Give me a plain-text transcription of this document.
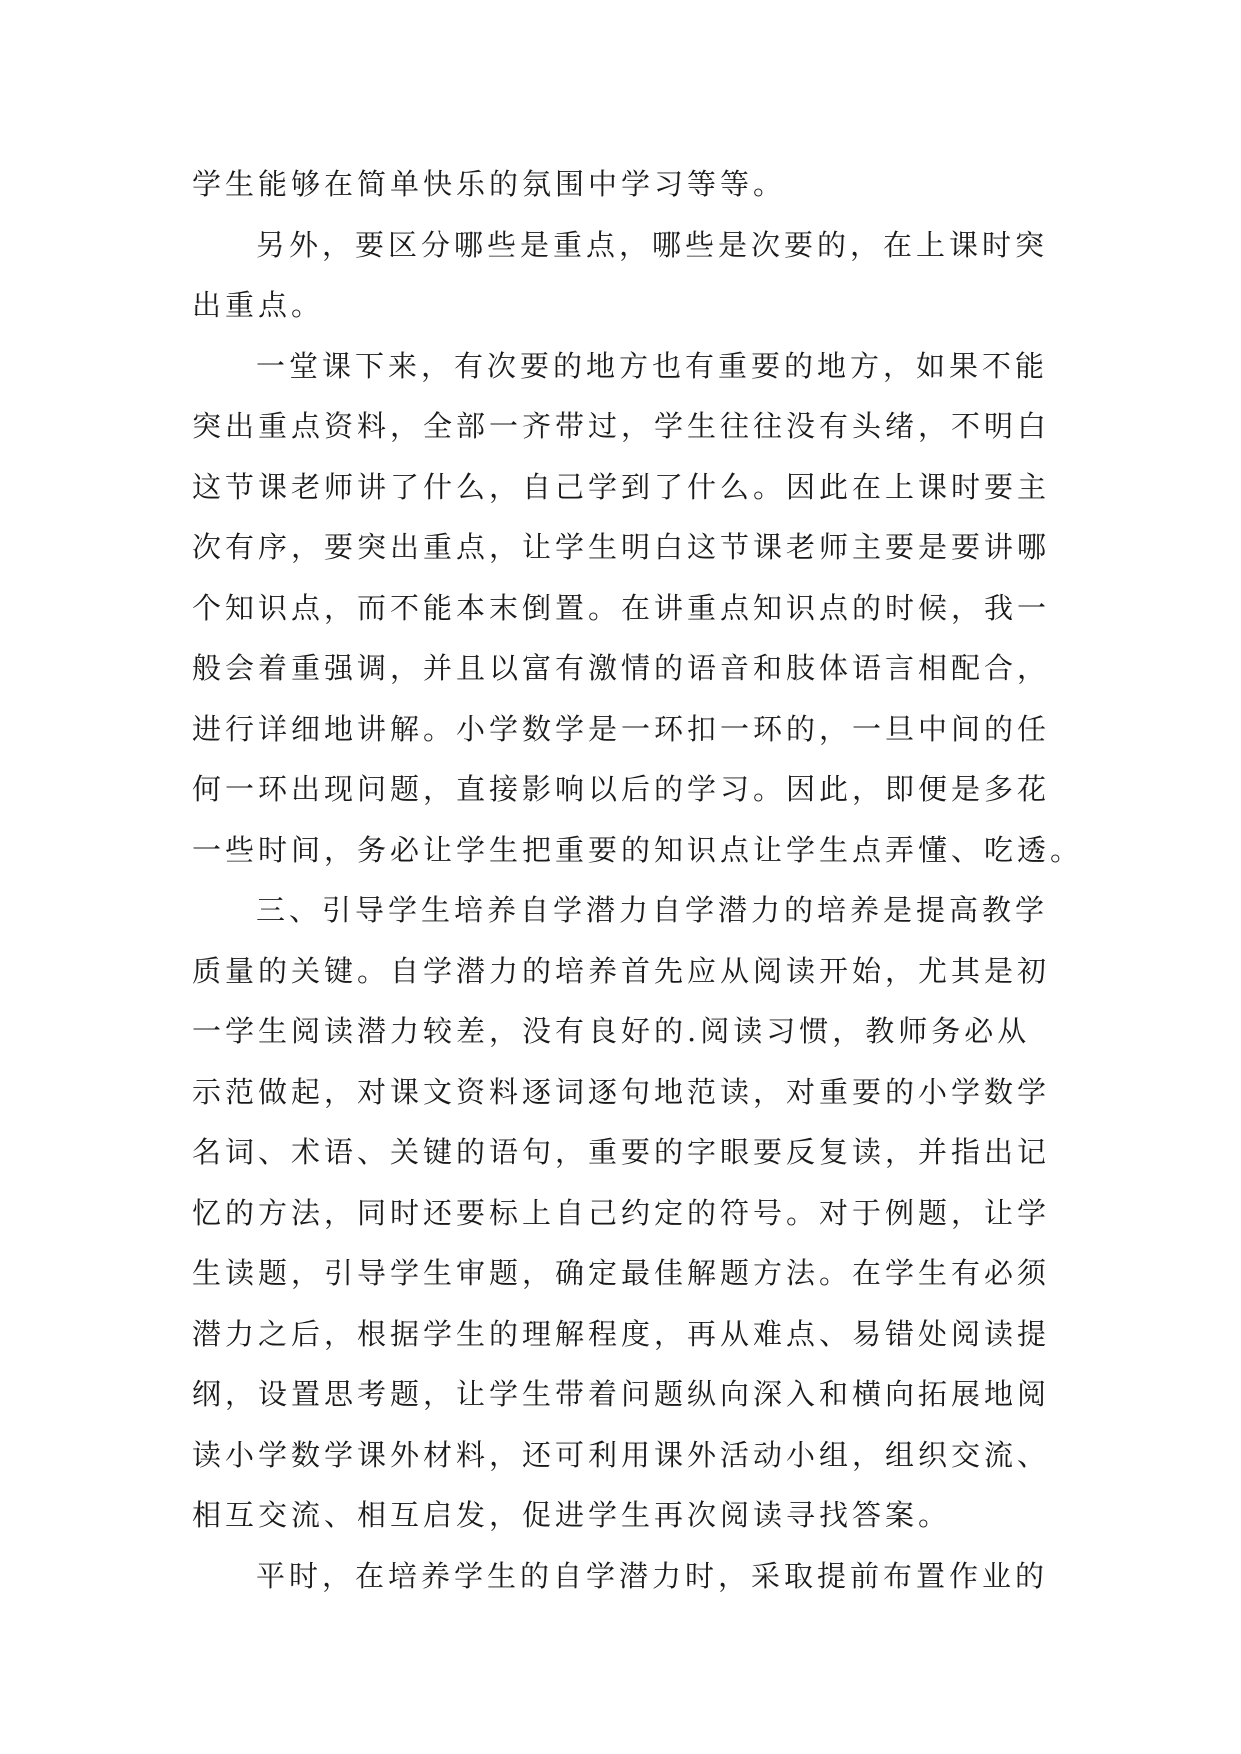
学生能够在简单快乐的氛围中学习等等。
另外，要区分哪些是重点，哪些是次要的，在上课时突
出重点。
一堂课下来，有次要的地方也有重要的地方，如果不能
突出重点资料，全部一齐带过，学生往往没有头绪，不明白
这节课老师讲了什么，自己学到了什么。因此在上课时要主
次有序，要突出重点，让学生明白这节课老师主要是要讲哪
个知识点，而不能本末倒置。在讲重点知识点的时候，我一
般会着重强调，并且以富有激情的语音和肢体语言相配合，
进行详细地讲解。小学数学是一环扣一环的，一旦中间的任
何一环出现问题，直接影响以后的学习。因此，即便是多花
一些时间，务必让学生把重要的知识点让学生点弄懂、吃透。
三、引导学生培养自学潜力自学潜力的培养是提高教学
质量的关键。自学潜力的培养首先应从阅读开始，尤其是初
一学生阅读潜力较差，没有良好的.阅读习惯，教师务必从
示范做起，对课文资料逐词逐句地范读，对重要的小学数学
名词、术语、关键的语句，重要的字眼要反复读，并指出记
忆的方法，同时还要标上自己约定的符号。对于例题，让学
生读题，引导学生审题，确定最佳解题方法。在学生有必须
潜力之后，根据学生的理解程度，再从难点、易错处阅读提
纲，设置思考题，让学生带着问题纵向深入和横向拓展地阅
读小学数学课外材料，还可利用课外活动小组，组织交流、
相互交流、相互启发，促进学生再次阅读寻找答案。
平时，在培养学生的自学潜力时，采取提前布置作业的
